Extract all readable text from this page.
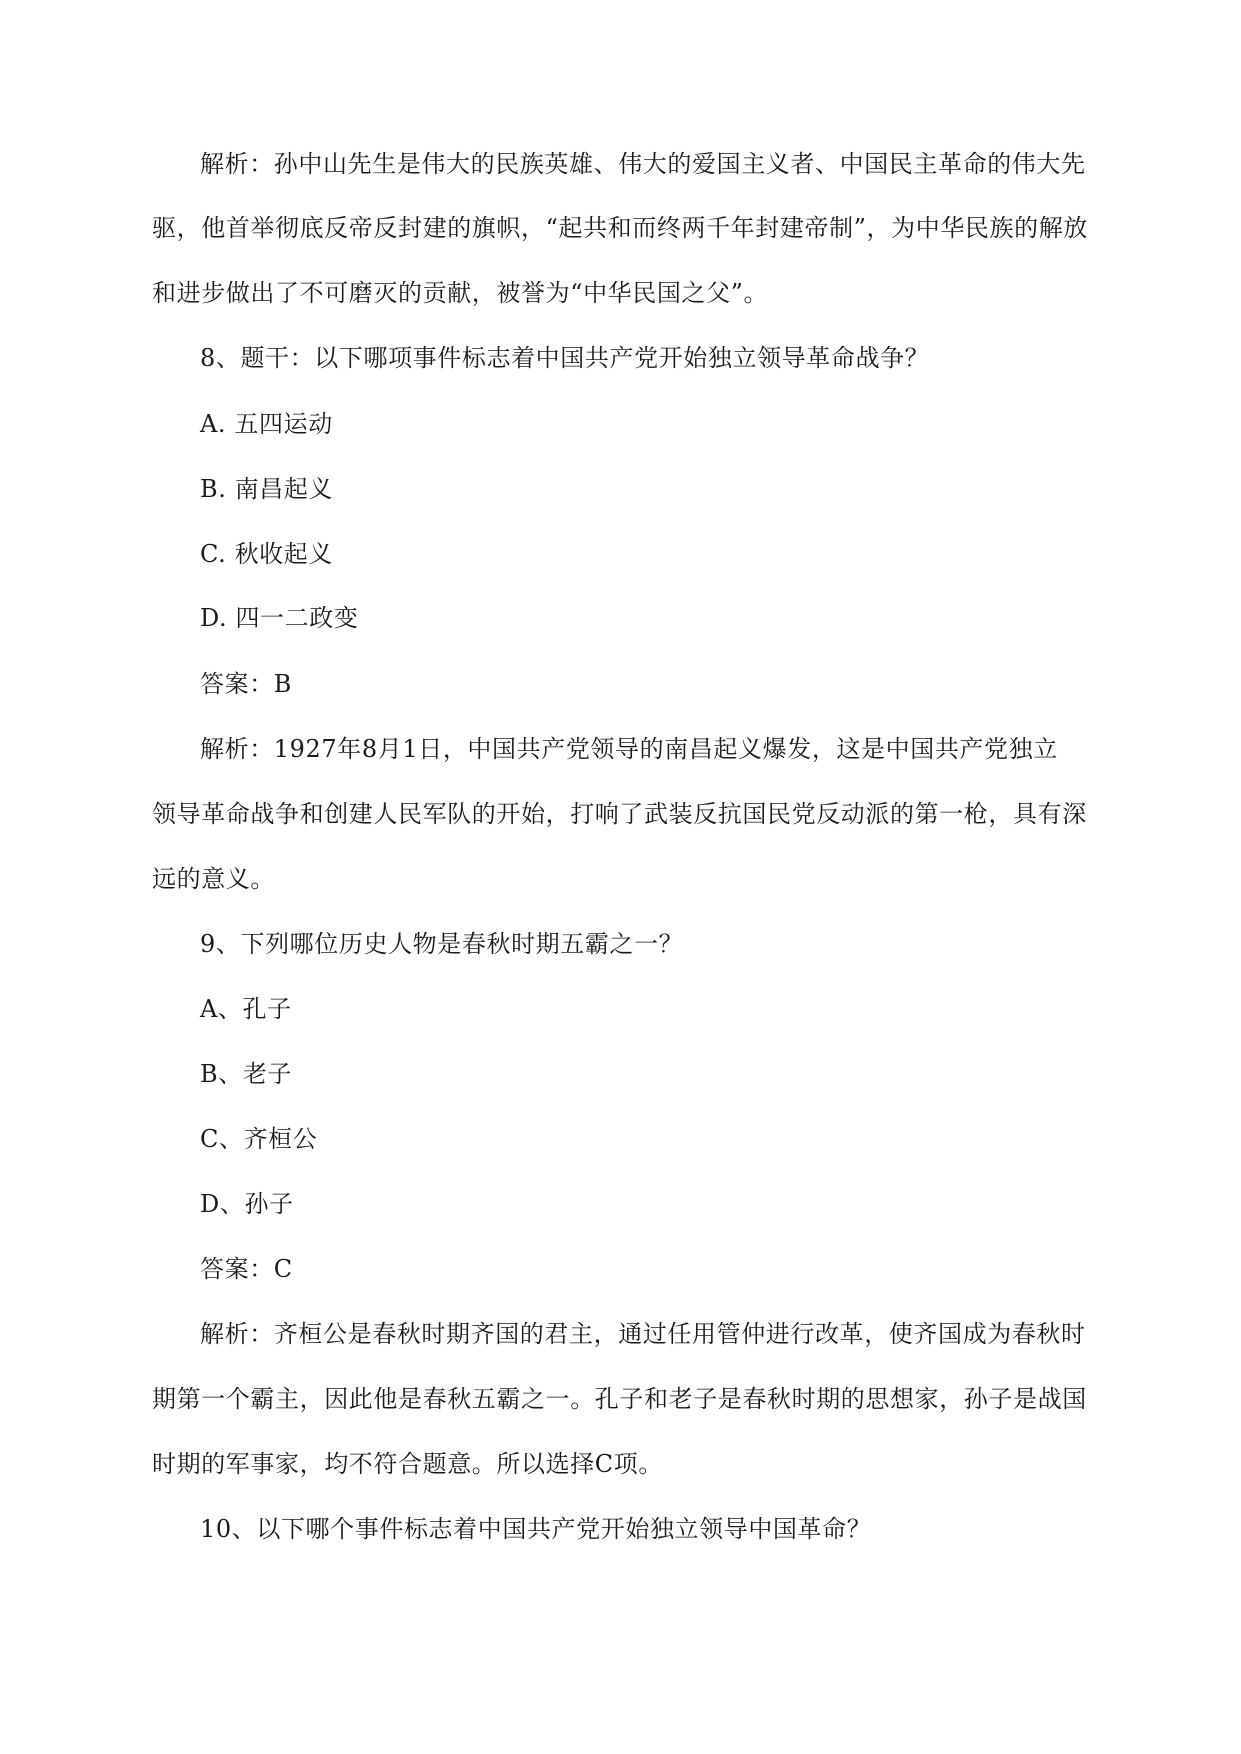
解析：孙中山先生是伟大的民族英雄、伟大的爱国主义者、中国民主革命的伟大先
驱，他首举彻底反帝反封建的旗帜，“起共和而终两千年封建帝制”，为中华民族的解放
和进步做出了不可磨灭的贡献，被誉为“中华民国之父”。
8、题干：以下哪项事件标志着中国共产党开始独立领导革命战争？
A. 五四运动
B. 南昌起义
C. 秋收起义
D. 四一二政变
答案：B
解析：1927年8月1日，中国共产党领导的南昌起义爆发，这是中国共产党独立
领导革命战争和创建人民军队的开始，打响了武装反抗国民党反动派的第一枪，具有深
远的意义。
9、下列哪位历史人物是春秋时期五霸之一？
A、孔子
B、老子
C、齐桓公
D、孙子
答案：C
解析：齐桓公是春秋时期齐国的君主，通过任用管仲进行改革，使齐国成为春秋时
期第一个霸主，因此他是春秋五霸之一。孔子和老子是春秋时期的思想家，孙子是战国
时期的军事家，均不符合题意。所以选择C项。
10、以下哪个事件标志着中国共产党开始独立领导中国革命？
